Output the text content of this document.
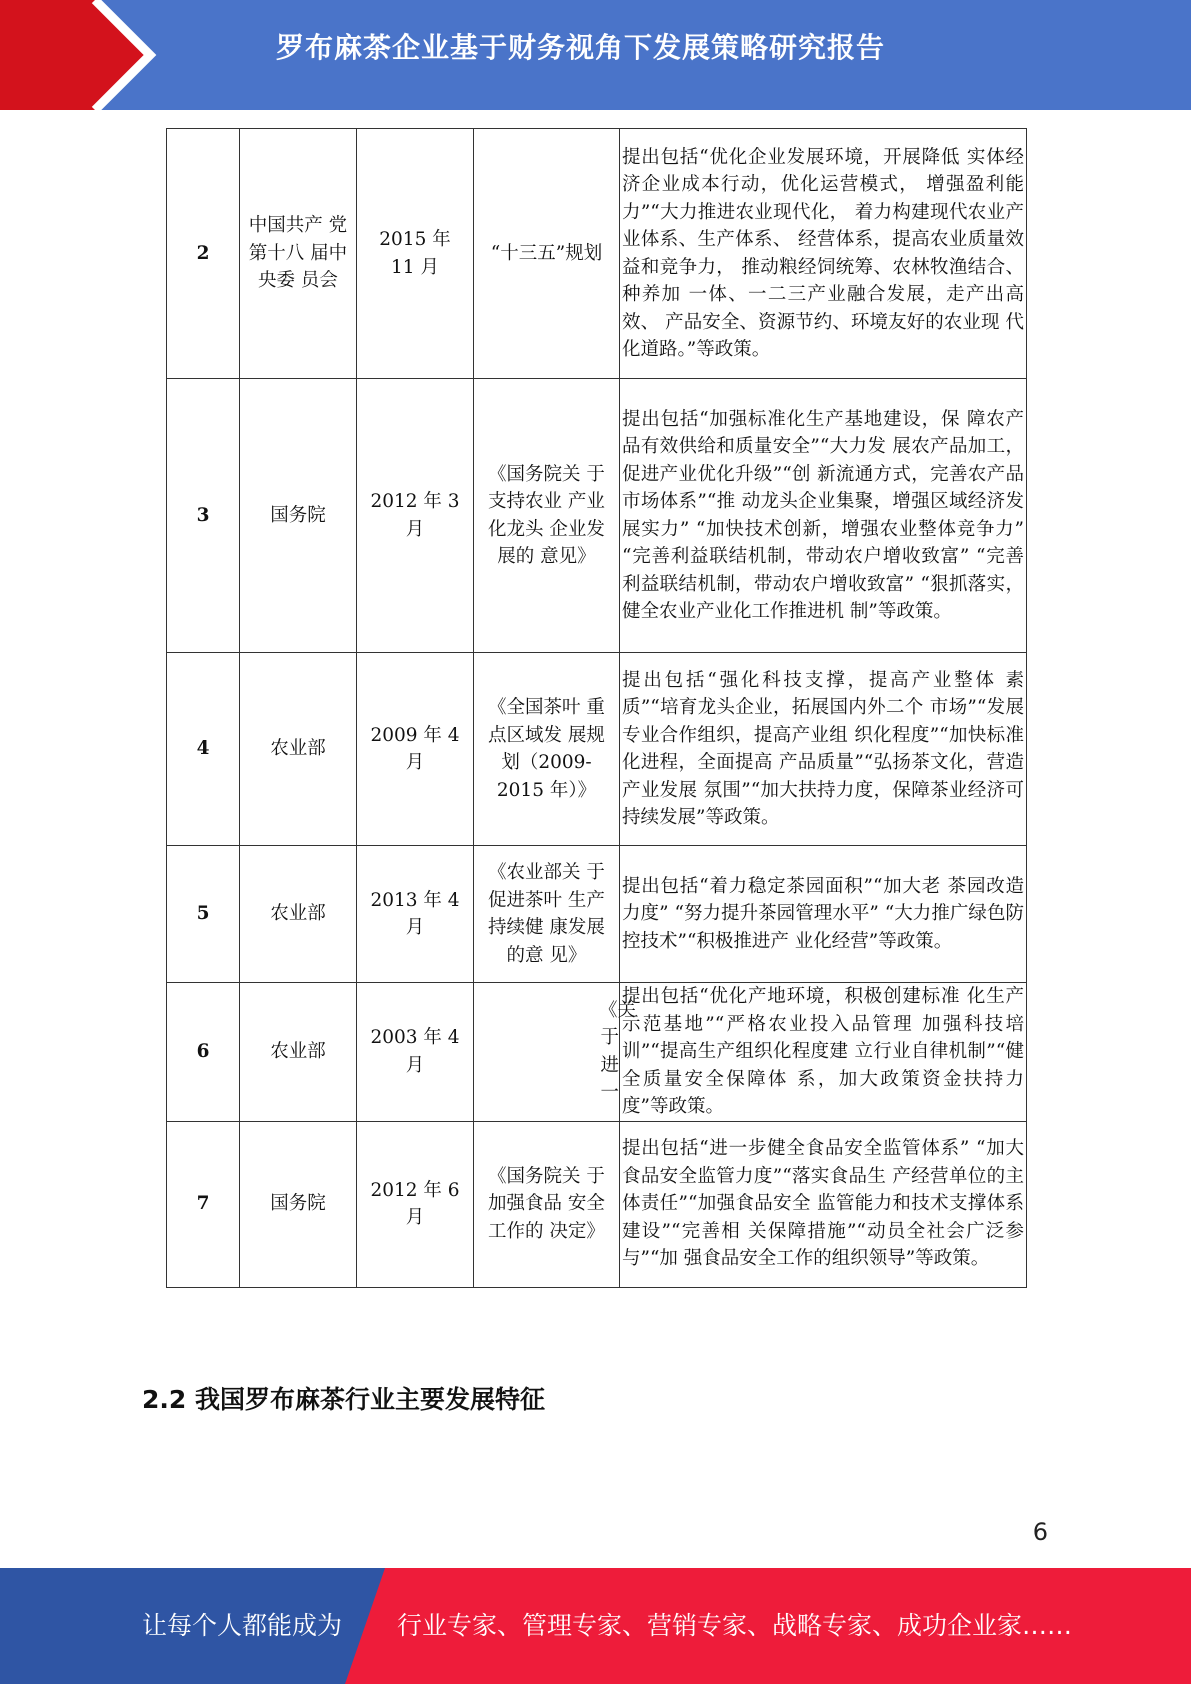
罗布麻茶企业基于财务视角下发展策略研究报告
2	中国共产 党第十八 届中央委 员会	2015 年 11 月	“十三五”规划	提出包括“优化企业发展环境，开展降低 实体经济企业成本行动，优化运营模式， 增强盈利能力”“大力推进农业现代化， 着力构建现代农业产业体系、生产体系、 经营体系，提高农业质量效益和竞争力， 推动粮经饲统筹、农林牧渔结合、种养加 一体、一二三产业融合发展，走产出高效、 产品安全、资源节约、环境友好的农业现 代化道路。”等政策。
3	国务院	2012 年 3 月	《国务院关 于支持农业 产业化龙头 企业发展的 意见》	提出包括“加强标准化生产基地建设，保 障农产品有效供给和质量安全”“大力发 展农产品加工，促进产业优化升级”“创 新流通方式，完善农产品市场体系”“推 动龙头企业集聚，增强区域经济发展实力” “加快技术创新，增强农业整体竞争力” “完善利益联结机制，带动农户增收致富” “完善利益联结机制，带动农户增收致富” “狠抓落实，健全农业产业化工作推进机 制”等政策。
4	农业部	2009 年 4 月	《全国茶叶 重点区域发 展规划（2009-2015 年）》	提出包括“强化科技支撑，提高产业整体 素质”“培育龙头企业，拓展国内外二个 市场”“发展专业合作组织，提高产业组 织化程度”“加快标准化进程，全面提高 产品质量”“弘扬茶文化，营造产业发展 氛围”“加大扶持力度，保障茶业经济可 持续发展”等政策。
5	农业部	2013 年 4 月	《农业部关 于促进茶叶 生产持续健 康发展的意 见》	提出包括“着力稳定茶园面积”“加大老 茶园改造力度” “努力提升茶园管理水平” “大力推广绿色防控技术”“积极推进产 业化经营”等政策。
6	农业部	2003 年 4 月	《关于进一	提出包括“优化产地环境，积极创建标准 化生产示范基地”“严格农业投入品管理 加强科技培训”“提高生产组织化程度建 立行业自律机制”“健全质量安全保障体 系，加大政策资金扶持力度”等政策。
7	国务院	2012 年 6 月	《国务院关 于加强食品 安全工作的 决定》	提出包括“进一步健全食品安全监管体系” “加大食品安全监管力度”“落实食品生 产经营单位的主体责任”“加强食品安全 监管能力和技术支撑体系建设”“完善相 关保障措施”“动员全社会广泛参与”“加 强食品安全工作的组织领导”等政策。
2.2 我国罗布麻茶行业主要发展特征
6
让每个人都能成为 行业专家、管理专家、营销专家、战略专家、成功企业家……
